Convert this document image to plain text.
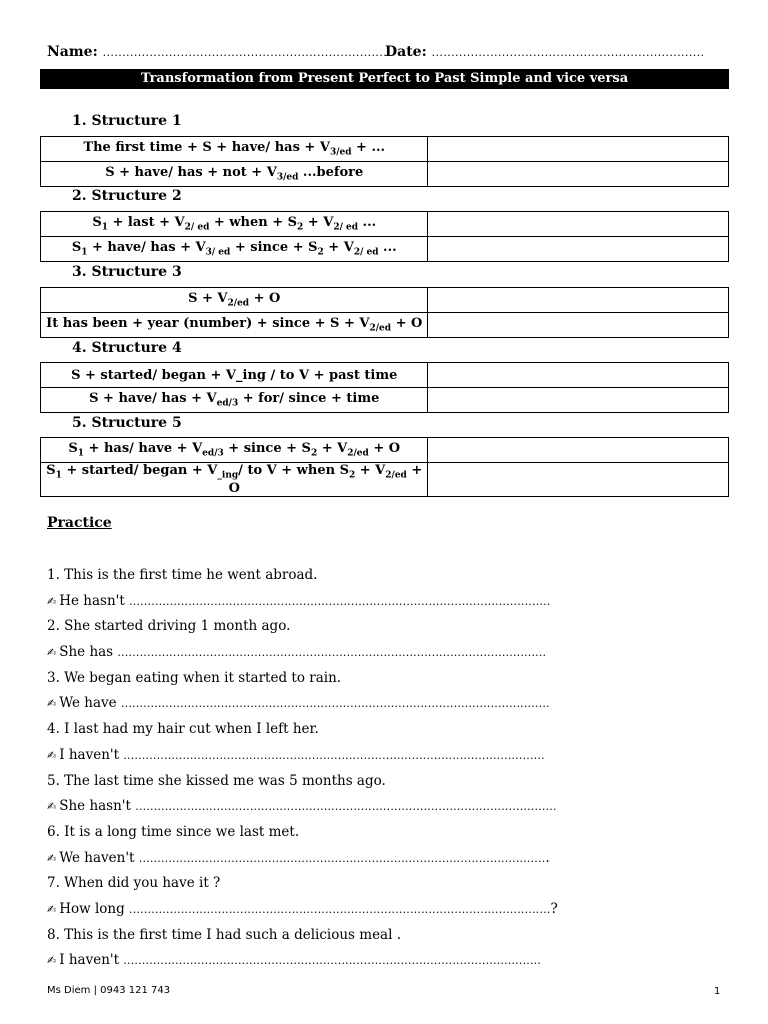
Name: ..........................................................................
Date: ......................................................................
Transformation from Present Perfect to Past Simple and vice versa
1. Structure 1
The first time + S + have/ has + $V_{3/ed}$ + ...	
S + have/ has + not + $V_{3/ed}$ ...before	
2. Structure 2
$S_1$ + last + $V_{2/ ed}$ + when + $S_2 + V_{2/ ed}$ ...	
$S_1$ + have/ has + $V_{3/ ed}$ + since + $S_2 + V_{2/ ed}$ ...	
3. Structure 3
$S + V_{2/ed} + O$	
It has been + year (number) + since + $S + V_{2/ed} + O$	
4. Structure 4
S + started/ began + V_ing / to V + past time	
S + have/ has + $V_{ed/3} + for/$ since + time	
5. Structure 5
$S_1 + has/$ have + $V_{ed/3}$ + since + $S_2 + V_{2/ed} + O$	
$S_1$ + started/ began + $V_{\_ing}/$ to V + when $S_2 + V_{2/ed} + O$	
Practice
1. This is the first time he went abroad.
✍ He hasn't ..................................................................................................................
2. She started driving 1 month ago.
✍ She has ....................................................................................................................
3. We began eating when it started to rain.
✍ We have ....................................................................................................................
4. I last had my hair cut when I left her.
✍ I haven't ..................................................................................................................
5. The last time she kissed me was 5 months ago.
✍ She hasn't ..................................................................................................................
6. It is a long time since we last met.
✍ We haven't ...............................................................................................................
7. When did you have it ?
✍ How long ..................................................................................................................?
8. This is the first time I had such a delicious meal .
✍ I haven't .................................................................................................................
Ms Diem | 0943 121 743	1
